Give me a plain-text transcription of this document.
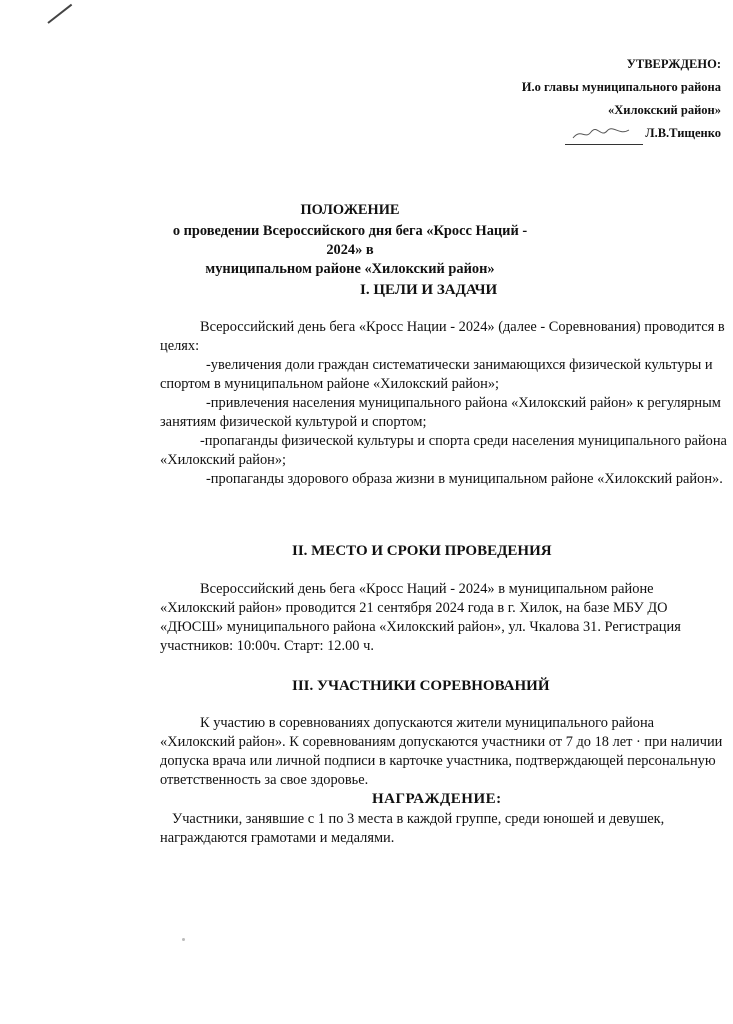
УТВЕРЖДЕНО:
И.о главы муниципального района
«Хилокский район»
Л.В.Тищенко
ПОЛОЖЕНИЕ
о проведении Всероссийского дня бега «Кросс Наций - 2024» в
муниципальном районе «Хилокский район»
I. ЦЕЛИ И ЗАДАЧИ

Всероссийский день бега «Кросс Нации - 2024» (далее - Соревнования) проводится в целях:

-увеличения доли граждан систематически занимающихся физической культуры и спортом в муниципальном районе «Хилокский район»;

-привлечения населения муниципального района «Хилокский район» к регулярным занятиям физической культурой и спортом;

-пропаганды физической культуры и спорта среди населения муниципального района «Хилокский район»;

-пропаганды здорового образа жизни в муниципальном районе «Хилокский район».

II. МЕСТО И СРОКИ ПРОВЕДЕНИЯ

Всероссийский день бега «Кросс Наций - 2024» в муниципальном районе «Хилокский район» проводится 21 сентября 2024 года в г. Хилок, на базе МБУ ДО «ДЮСШ» муниципального района «Хилокский район», ул. Чкалова 31. Регистрация участников: 10:00ч. Старт: 12.00 ч.

III. УЧАСТНИКИ СОРЕВНОВАНИЙ

К участию в соревнованиях допускаются жители муниципального района «Хилокский район». К соревнованиям допускаются участники от 7 до 18 лет · при наличии допуска врача или личной подписи в карточке участника, подтверждающей персональную ответственность за свое здоровье.

НАГРАЖДЕНИЕ:

Участники, занявшие с 1 по 3 места в каждой группе, среди юношей и девушек, награждаются грамотами и медалями.
